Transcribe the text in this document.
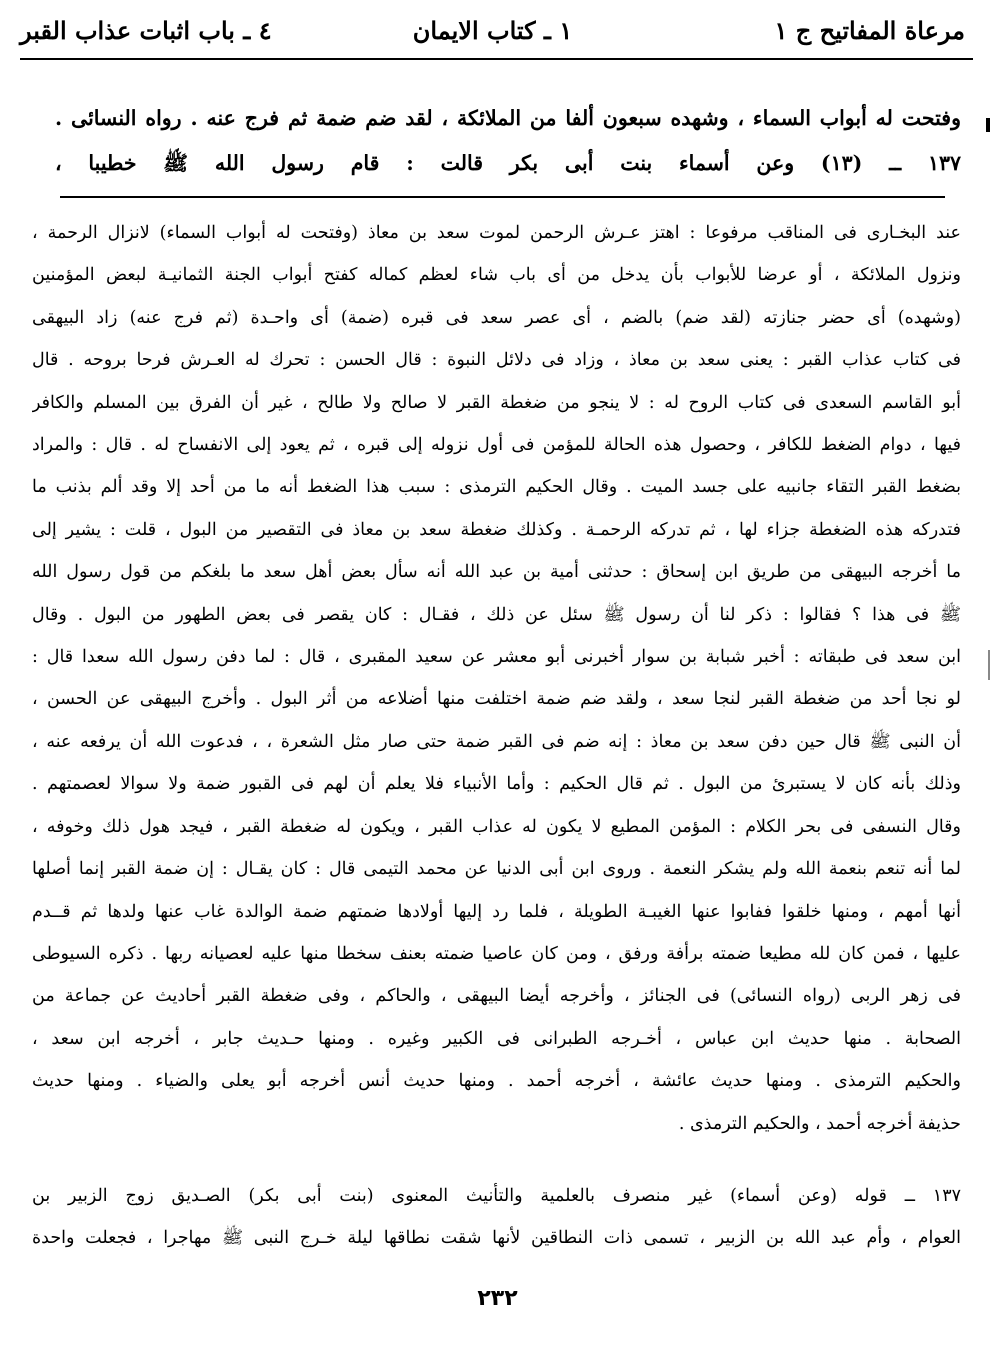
مرعاة المفاتيح ج ١
١ ـ كتاب الايمان
٤ ـ باب اثبات عذاب القبر

وفتحت له أبواب السماء ، وشهده سبعون ألفا من الملائكة ، لقد ضم ضمة ثم فرج عنه . رواه النسائى .

١٣٧ ــ (١٣) وعن أسماء بنت أبى بكر قالت : قام رسول الله ﷺ خطيبا ،

عند البخـارى فى المناقب مرفوعا : اهتز عـرش الرحمن لموت سعد بن معاذ (وفتحت له أبواب السماء) لانزال الرحمة ،

ونزول الملائكة ، أو عرضا للأبواب بأن يدخل من أى باب شاء لعظم كماله كفتح أبواب الجنة الثمانيـة لبعض المؤمنين

(وشهده) أى حضر جنازته (لقد ضم) بالضم ، أى عصر سعد فى قبره (ضمة) أى واحـدة (ثم فرج عنه) زاد البيهقى

فى كتاب عذاب القبر : يعنى سعد بن معاذ ، وزاد فى دلائل النبوة : قال الحسن : تحرك له العـرش فرحا بروحه . قال

أبو القاسم السعدى فى كتاب الروح له : لا ينجو من ضغطة القبر لا صالح ولا طالح ، غير أن الفرق بين المسلم والكافر

فيها ، دوام الضغط للكافر ، وحصول هذه الحالة للمؤمن فى أول نزوله إلى قبره ، ثم يعود إلى الانفساح له . قال : والمراد

بضغط القبر التقاء جانبيه على جسد الميت . وقال الحكيم الترمذى : سبب هذا الضغط أنه ما من أحد إلا وقد ألم بذنب ما

فتدركه هذه الضغطة جزاء لها ، ثم تدركه الرحمـة . وكذلك ضغطة سعد بن معاذ فى التقصير من البول ، قلت : يشير إلى

ما أخرجه البيهقى من طريق ابن إسحاق : حدثنى أمية بن عبد الله أنه سأل بعض أهل سعد ما بلغكم من قول رسول الله

ﷺ فى هذا ؟ فقالوا : ذكر لنا أن رسول ﷺ سئل عن ذلك ، فقـال : كان يقصر فى بعض الطهور من البول . وقال

ابن سعد فى طبقاته : أخبر شبابة بن سوار أخبرنى أبو معشر عن سعيد المقبرى ، قال : لما دفن رسول الله سعدا قال :

لو نجا أحد من ضغطة القبر لنجا سعد ، ولقد ضم ضمة اختلفت منها أضلاعه من أثر البول . وأخرج البيهقى عن الحسن ،

أن النبى ﷺ قال حين دفن سعد بن معاذ : إنه ضم فى القبر ضمة حتى صار مثل الشعرة ، ، فدعوت الله أن يرفعه عنه ،

وذلك بأنه كان لا يستبرئ من البول . ثم قال الحكيم : وأما الأنبياء فلا يعلم أن لهم فى القبور ضمة ولا سوالا لعصمتهم .

وقال النسفى فى بحر الكلام : المؤمن المطيع لا يكون له عذاب القبر ، ويكون له ضغطة القبر ، فيجد هول ذلك وخوفه ،

لما أنه تنعم بنعمة الله ولم يشكر النعمة . وروى ابن أبى الدنيا عن محمد التيمى قال : كان يقـال : إن ضمة القبر إنما أصلها

أنها أمهم ، ومنها خلقوا ففابوا عنها الغيبـة الطويلة ، فلما رد إليها أولادها ضمتهم ضمة الوالدة غاب عنها ولدها ثم قــدم

عليها ، فمن كان لله مطيعا ضمته برأفة ورفق ، ومن كان عاصيا ضمته بعنف سخطا منها عليه لعصيانه ربها . ذكره السيوطى

فى زهر الربى (رواه النسائى) فى الجنائز ، وأخرجه أيضا البيهقى ، والحاكم ، وفى ضغطة القبر أحاديث عن جماعة من

الصحابة . منها حديث ابن عباس ، أخـرجه الطبرانى فى الكبير وغيره . ومنها حـديث جابر ، أخرجه ابن سعد ،

والحكيم الترمذى . ومنها حديث عائشة ، أخرجه أحمد . ومنها حديث أنس أخرجه أبو يعلى والضياء . ومنها حديث

حذيفة أخرجه أحمد ، والحكيم الترمذى .

١٣٧ ــ قوله (وعن أسماء) غير منصرف بالعلمية والتأنيث المعنوى (بنت أبى بكر) الصـديق زوج الزبير بن

العوام ، وأم عبد الله بن الزبير ، تسمى ذات النطاقين لأنها شقت نطاقها ليلة خـرج النبى ﷺ مهاجرا ، فجعلت واحدة

٢٣٢
